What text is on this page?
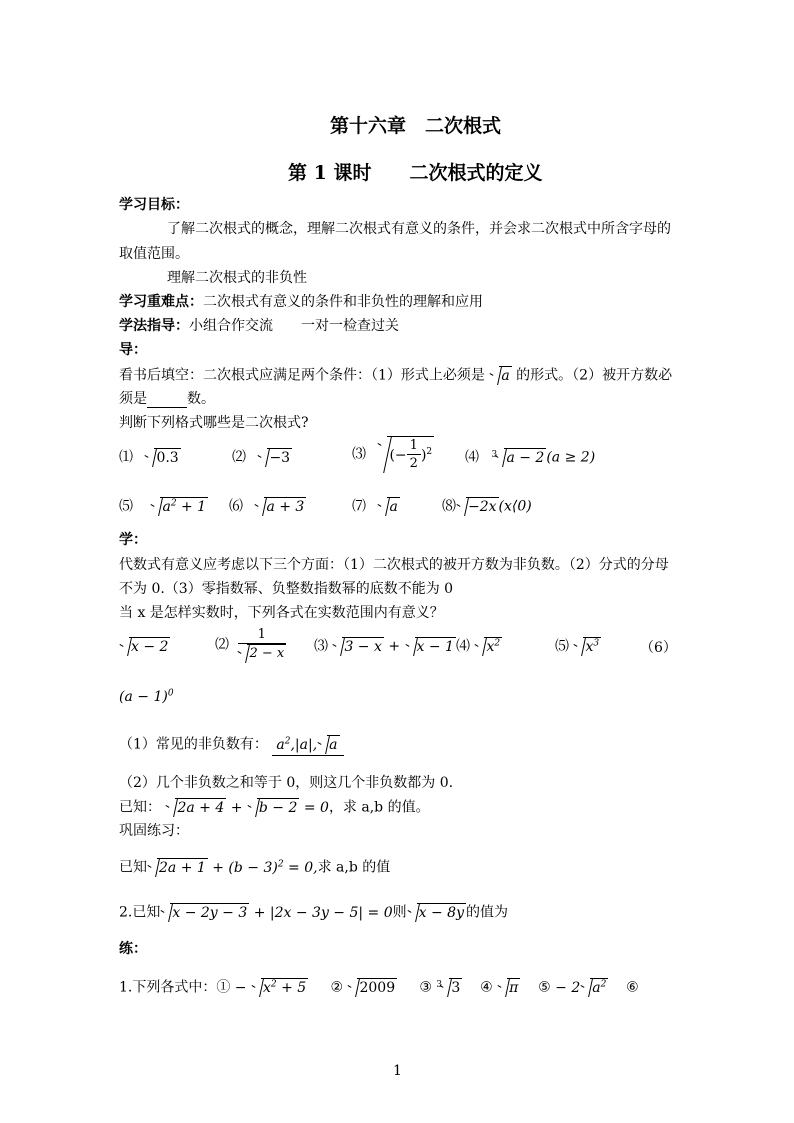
第十六章　二次根式
第 1 课时　　二次根式的定义
学习目标：
了解二次根式的概念，理解二次根式有意义的条件，并会求二次根式中所含字母的
取值范围。
理解二次根式的非负性
学习重难点：二次根式有意义的条件和非负性的理解和应用
学法指导：小组合作交流　　一对一检查过关
导：
看书后填空：二次根式应满足两个条件：（1）形式上必须是 a 的形式。（2）被开方数必
须是	数。
判断下列格式哪些是二次根式?
⑴ 0.3	⑵ −3	⑶ (− $\frac{1}{2} )^2$ ⑷ 3 a − 2 (a ≥ 2)
⑸ $a^2 + 1$ ⑹ a + 3	⑺ a	⑻ −2x (x⟨0)
学：
代数式有意义应考虑以下三个方面：（1）二次根式的被开方数为非负数。（2）分式的分母
不为 0.（3）零指数幂、负整数指数幂的底数不能为 0
当 x 是怎样实数时，下列各式在实数范围内有意义？
x − 2	⑵ $\frac{1}{2 - x}$ ⑶ 3 − x + x − 1 ⑷ $x^2$	⑸ $x^3$	（6）
$(a - 1)^0$
（1）常见的非负数有： $a^2,|a|$, a
（2）几个非负数之和等于 0，则这几个非负数都为 0.
已知： 2a + 4 + b − 2 = 0，求 a,b 的值。
巩固练习：
已知 $2a + 1 + (b - 3)^2 = 0$,求 a,b 的值
2.已知 x − 2y − 3 + |2x − 3y − 5| = 0则 x − 8y 的值为
练：
1.下列各式中：① − $x^2 + 5$ ② 2009 ③ 3 3 ④ π ⑤ − 2 $a^2$ ⑥
1
